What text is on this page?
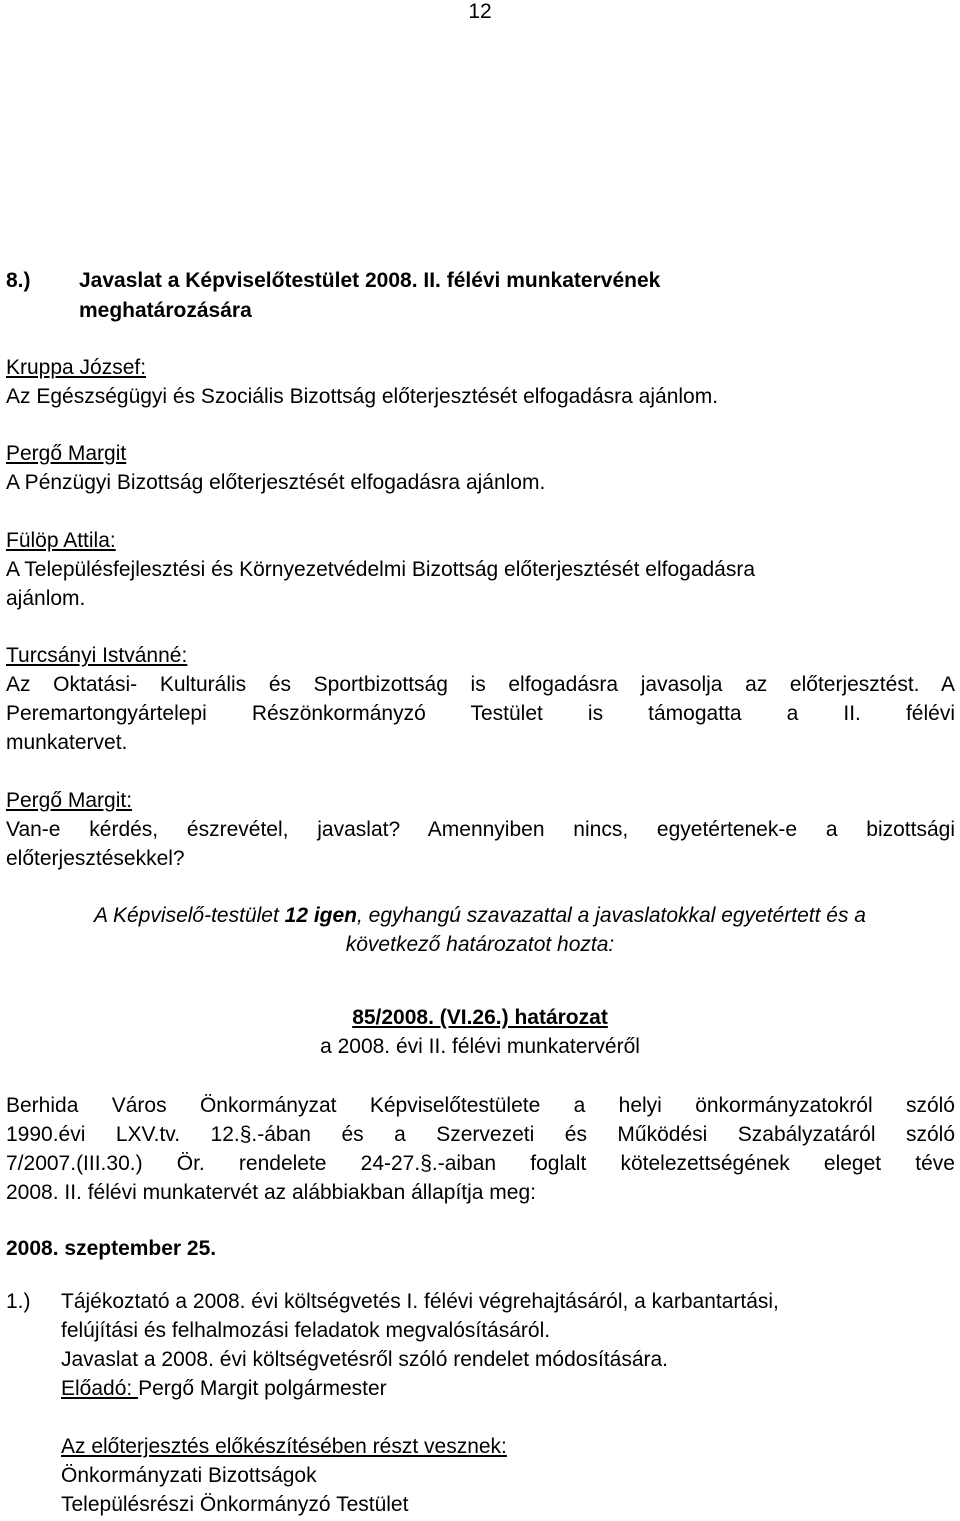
12
8.) Javaslat a Képviselőtestület 2008. II. félévi munkatervének
meghatározására
Kruppa József:
Az Egészségügyi és Szociális Bizottság előterjesztését elfogadásra ajánlom.
Pergő Margit
A Pénzügyi Bizottság előterjesztését elfogadásra ajánlom.
Fülöp Attila:
A Településfejlesztési és Környezetvédelmi Bizottság előterjesztését elfogadásra
ajánlom.
Turcsányi Istvánné:
Az Oktatási- Kulturális és Sportbizottság is elfogadásra javasolja az előterjesztést. A
Peremartongyártelepi Részönkormányzó Testület is támogatta a II. félévi
munkatervet.
Pergő Margit:
Van-e kérdés, észrevétel, javaslat? Amennyiben nincs, egyetértenek-e a bizottsági
előterjesztésekkel?
A Képviselő-testület 12 igen, egyhangú szavazattal a javaslatokkal egyetértett és a
következő határozatot hozta:
85/2008. (VI.26.) határozat
a 2008. évi II. félévi munkatervéről
Berhida Város Önkormányzat Képviselőtestülete a helyi önkormányzatokról szóló
1990.évi LXV.tv. 12.§.-ában és a Szervezeti és Működési Szabályzatáról szóló
7/2007.(III.30.) Ör. rendelete 24-27.§.-aiban foglalt kötelezettségének eleget téve
2008. II. félévi munkatervét az alábbiakban állapítja meg:
2008. szeptember 25.
1.) Tájékoztató a 2008. évi költségvetés I. félévi végrehajtásáról, a karbantartási,
felújítási és felhalmozási feladatok megvalósításáról.
Javaslat a 2008. évi költségvetésről szóló rendelet módosítására.
Előadó: Pergő Margit polgármester
Az előterjesztés előkészítésében részt vesznek:
Önkormányzati Bizottságok
Településrészi Önkormányzó Testület
